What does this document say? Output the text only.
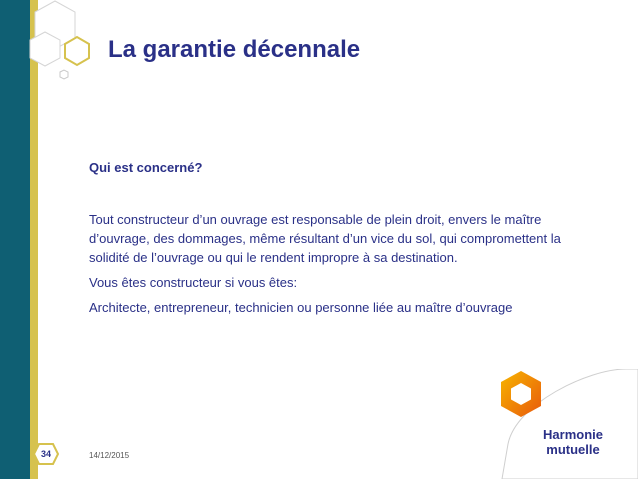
La garantie décennale

Qui est concerné?

Tout constructeur d’un ouvrage est responsable de plein droit, envers le maître d’ouvrage, des dommages, même résultant d’un vice du sol, qui compromettent la solidité de l’ouvrage ou qui le rendent impropre à sa destination.

Vous êtes constructeur si vous êtes:

Architecte, entrepreneur, technicien ou personne liée au maître d’ouvrage

34	14/12/2015
Harmonie
mutuelle
